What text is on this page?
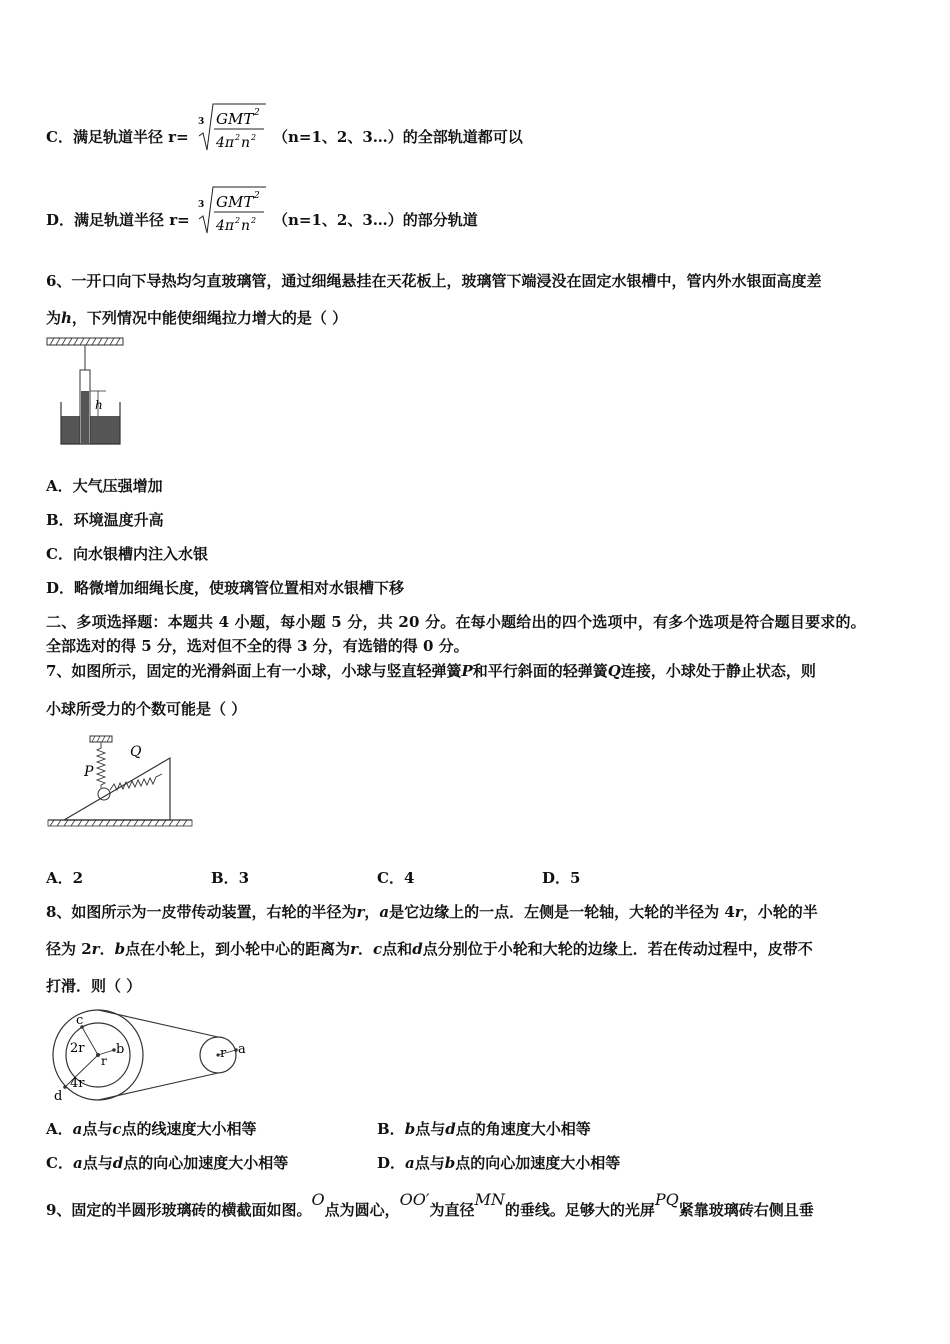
C．满足轨道半径 r=
3 GMT 2
4π 2 n 2 （n=1、2、3…）的全部轨道都可以
D．满足轨道半径 r=
3 GMT 2
4π 2 n 2 （n=1、2、3…）的部分轨道
6、一开口向下导热均匀直玻璃管，通过细绳悬挂在天花板上，玻璃管下端浸没在固定水银槽中，管内外水银面高度差
为h，下列情况中能使细绳拉力增大的是（ ）
h
A．大气压强增加
B．环境温度升高
C．向水银槽内注入水银
D．略微增加细绳长度，使玻璃管位置相对水银槽下移
二、多项选择题：本题共 4 小题，每小题 5 分，共 20 分。在每小题给出的四个选项中，有多个选项是符合题目要求的。
全部选对的得 5 分，选对但不全的得 3 分，有选错的得 0 分。
7、如图所示，固定的光滑斜面上有一小球，小球与竖直轻弹簧P和平行斜面的轻弹簧Q连接，小球处于静止状态，则
小球所受力的个数可能是（ ）
P
Q
A．2	B．3	C．4	D．5
8、如图所示为一皮带传动装置，右轮的半径为r，a是它边缘上的一点．左侧是一轮轴，大轮的半径为 4r，小轮的半
径为 2r．b点在小轮上，到小轮中心的距离为r．c点和d点分别位于小轮和大轮的边缘上．若在传动过程中，皮带不
打滑．则（ ）
c
2r
r
b
4r
d
r a
A．a点与c点的线速度大小相等	B．b点与d点的角速度大小相等
C．a点与d点的向心加速度大小相等	D．a点与b点的向心加速度大小相等
9、固定的半圆形玻璃砖的横截面如图。O点为圆心，OO′为直径MN的垂线。足够大的光屏PQ紧靠玻璃砖右侧且垂
